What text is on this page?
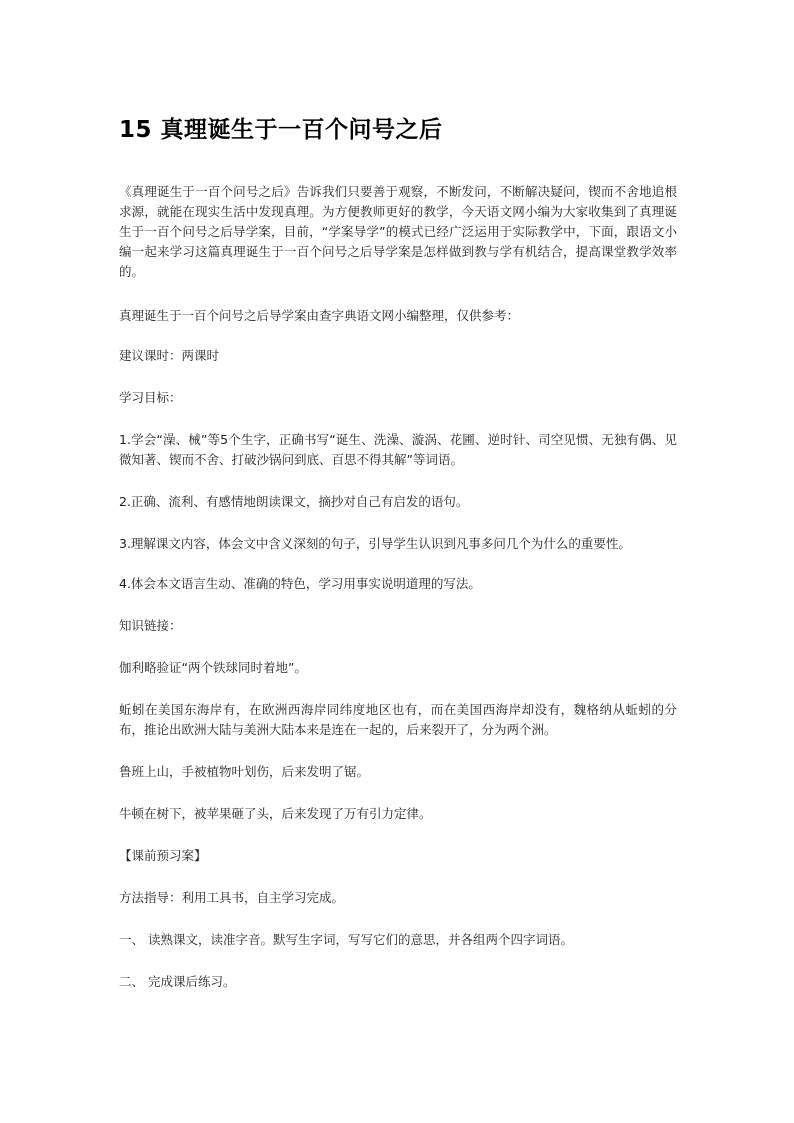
15 真理诞生于一百个问号之后

《真理诞生于一百个问号之后》告诉我们只要善于观察，不断发问，不断解决疑问，锲而不舍地追根求源，就能在现实生活中发现真理。为方便教师更好的教学，今天语文网小编为大家收集到了真理诞生于一百个问号之后导学案，目前，“学案导学”的模式已经广泛运用于实际教学中，下面，跟语文小编一起来学习这篇真理诞生于一百个问号之后导学案是怎样做到教与学有机结合，提高课堂教学效率的。

真理诞生于一百个问号之后导学案由查字典语文网小编整理，仅供参考：

建议课时：两课时

学习目标：

1.学会“澡、械”等5个生字，正确书写“诞生、洗澡、漩涡、花圃、逆时针、司空见惯、无独有偶、见微知著、锲而不舍、打破沙锅问到底、百思不得其解”等词语。

2.正确、流利、有感情地朗读课文，摘抄对自己有启发的语句。

3.理解课文内容，体会文中含义深刻的句子，引导学生认识到凡事多问几个为什么的重要性。

4.体会本文语言生动、准确的特色，学习用事实说明道理的写法。

知识链接：

伽利略验证“两个铁球同时着地”。

蚯蚓在美国东海岸有，在欧洲西海岸同纬度地区也有，而在美国西海岸却没有，魏格纳从蚯蚓的分布，推论出欧洲大陆与美洲大陆本来是连在一起的，后来裂开了，分为两个洲。

鲁班上山，手被植物叶划伤，后来发明了锯。

牛顿在树下，被苹果砸了头，后来发现了万有引力定律。

【课前预习案】

方法指导：利用工具书，自主学习完成。

一、 读熟课文，读准字音。默写生字词，写写它们的意思，并各组两个四字词语。

二、 完成课后练习。
